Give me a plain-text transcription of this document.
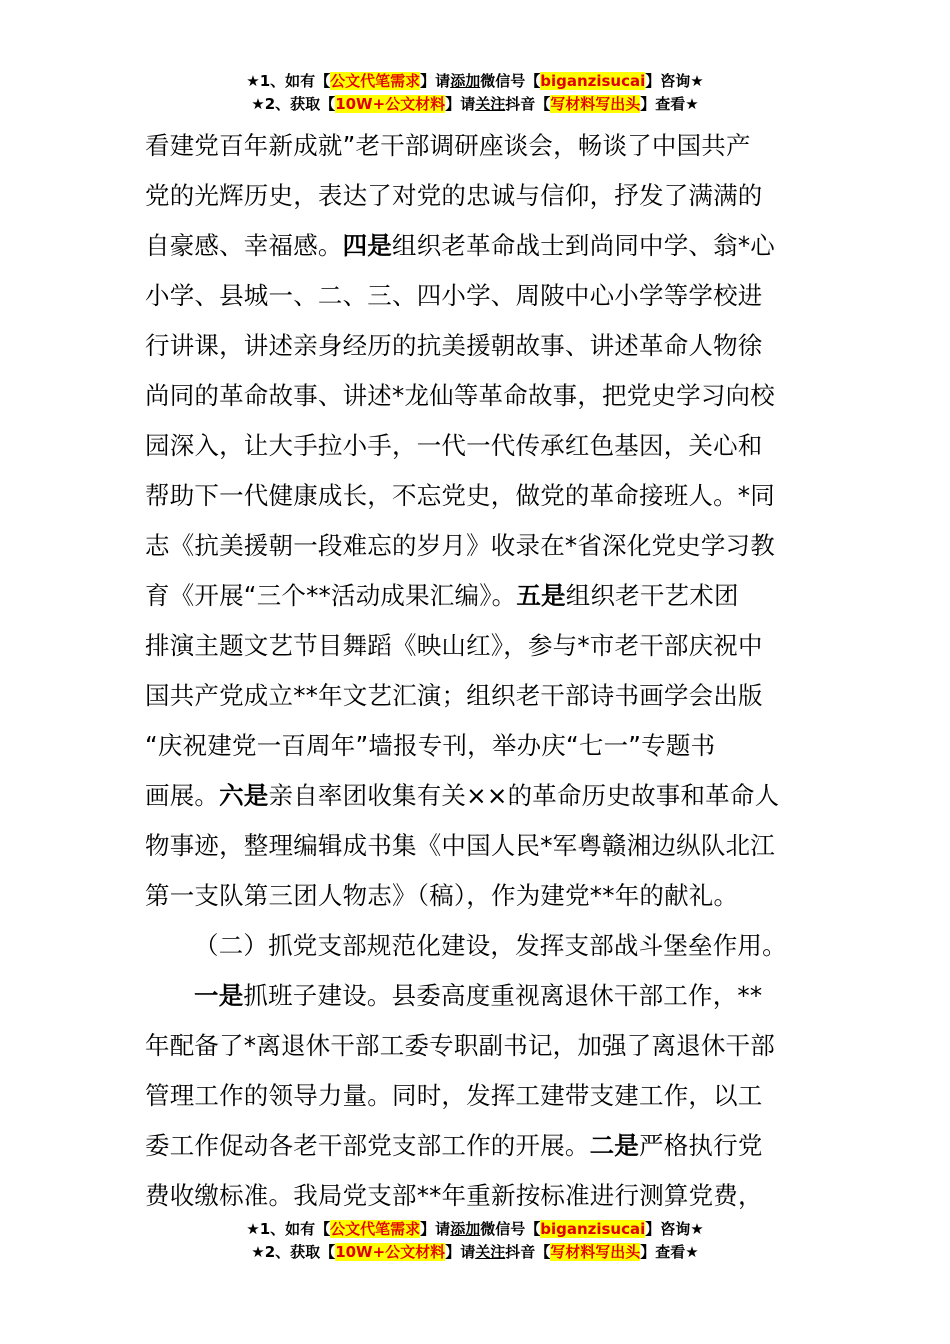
★1、如有【公文代笔需求】请添加微信号【biganzisucai】咨询★
★2、获取【10W+公文材料】请关注抖音【写材料写出头】查看★
看建党百年新成就”老干部调研座谈会，畅谈了中国共产
党的光辉历史，表达了对党的忠诚与信仰，抒发了满满的
自豪感、幸福感。四是组织老革命战士到尚同中学、翁*心
小学、县城一、二、三、四小学、周陂中心小学等学校进
行讲课，讲述亲身经历的抗美援朝故事、讲述革命人物徐
尚同的革命故事、讲述*龙仙等革命故事，把党史学习向校
园深入，让大手拉小手，一代一代传承红色基因，关心和
帮助下一代健康成长，不忘党史，做党的革命接班人。*同
志《抗美援朝一段难忘的岁月》收录在*省深化党史学习教
育《开展“三个**活动成果汇编》。五是组织老干艺术团
排演主题文艺节目舞蹈《映山红》，参与*市老干部庆祝中
国共产党成立**年文艺汇演；组织老干部诗书画学会出版
“庆祝建党一百周年”墙报专刊，举办庆“七一”专题书
画展。六是亲自率团收集有关××的革命历史故事和革命人
物事迹，整理编辑成书集《中国人民*军粤赣湘边纵队北江
第一支队第三团人物志》（稿），作为建党**年的献礼。
（二）抓党支部规范化建设，发挥支部战斗堡垒作用。
一是抓班子建设。县委高度重视离退休干部工作，**
年配备了*离退休干部工委专职副书记，加强了离退休干部
管理工作的领导力量。同时，发挥工建带支建工作，以工
委工作促动各老干部党支部工作的开展。二是严格执行党
费收缴标准。我局党支部**年重新按标准进行测算党费，
★1、如有【公文代笔需求】请添加微信号【biganzisucai】咨询★
★2、获取【10W+公文材料】请关注抖音【写材料写出头】查看★
